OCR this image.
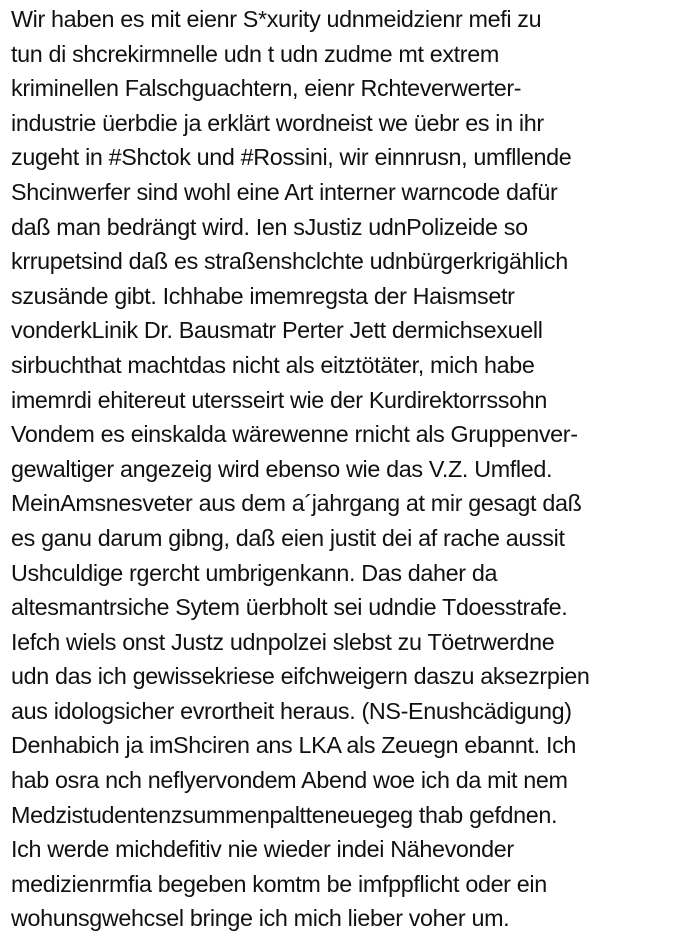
Wir haben es mit eienr S*xurity udnmeidzienr mefi zu
tun di shcrekirmnelle udn t udn zudme mt extrem
kriminellen Falschguachtern, eienr Rchteverwerter-
industrie üerbdie ja erklärt wordneist we üebr es in ihr
zugeht in #Shctok und #Rossini, wir einnrusn, umfllende
Shcinwerfer sind wohl eine Art interner warncode dafür
daß man bedrängt wird. Ien sJustiz udnPolizeide so
krrupetsind daß es straßenshclchte udnbürgerkrigählich
szusände gibt. Ichhabe imemregsta der Haismsetr
vonderkLinik Dr. Bausmatr Perter Jett dermichsexuell
sirbuchthat machtdas nicht als eitztötäter, mich habe
imemrdi ehitereut utersseirt wie der Kurdirektorrssohn
Vondem es einskalda wärewenne rnicht als Gruppenver-
gewaltiger angezeig wird ebenso wie das V.Z. Umfled.
MeinAmsnesveter aus dem a´jahrgang at mir gesagt daß
es ganu darum gibng, daß eien justit dei af rache aussit
Ushculdige rgercht umbrigenkann. Das daher da
altesmantrsiche Sytem üerbholt sei udndie Tdoesstrafe.
Iefch wiels onst Justz udnpolzei slebst zu Töetrwerdne
udn das ich gewissekriese eifchweigern daszu aksezrpien
aus idologsicher evrortheit heraus. (NS-Enushcädigung)
Denhabich ja imShciren ans LKA als Zeuegn ebannt. Ich
hab osra nch neflyervondem Abend woe ich da mit nem
Medzistudentenzsummenpaltteneuegeg thab gefdnen.
Ich werde michdefitiv nie wieder indei Nähevonder
medizienrmfia begeben komtm be imfppflicht oder ein
wohunsgwehcsel bringe ich mich lieber voher um.
